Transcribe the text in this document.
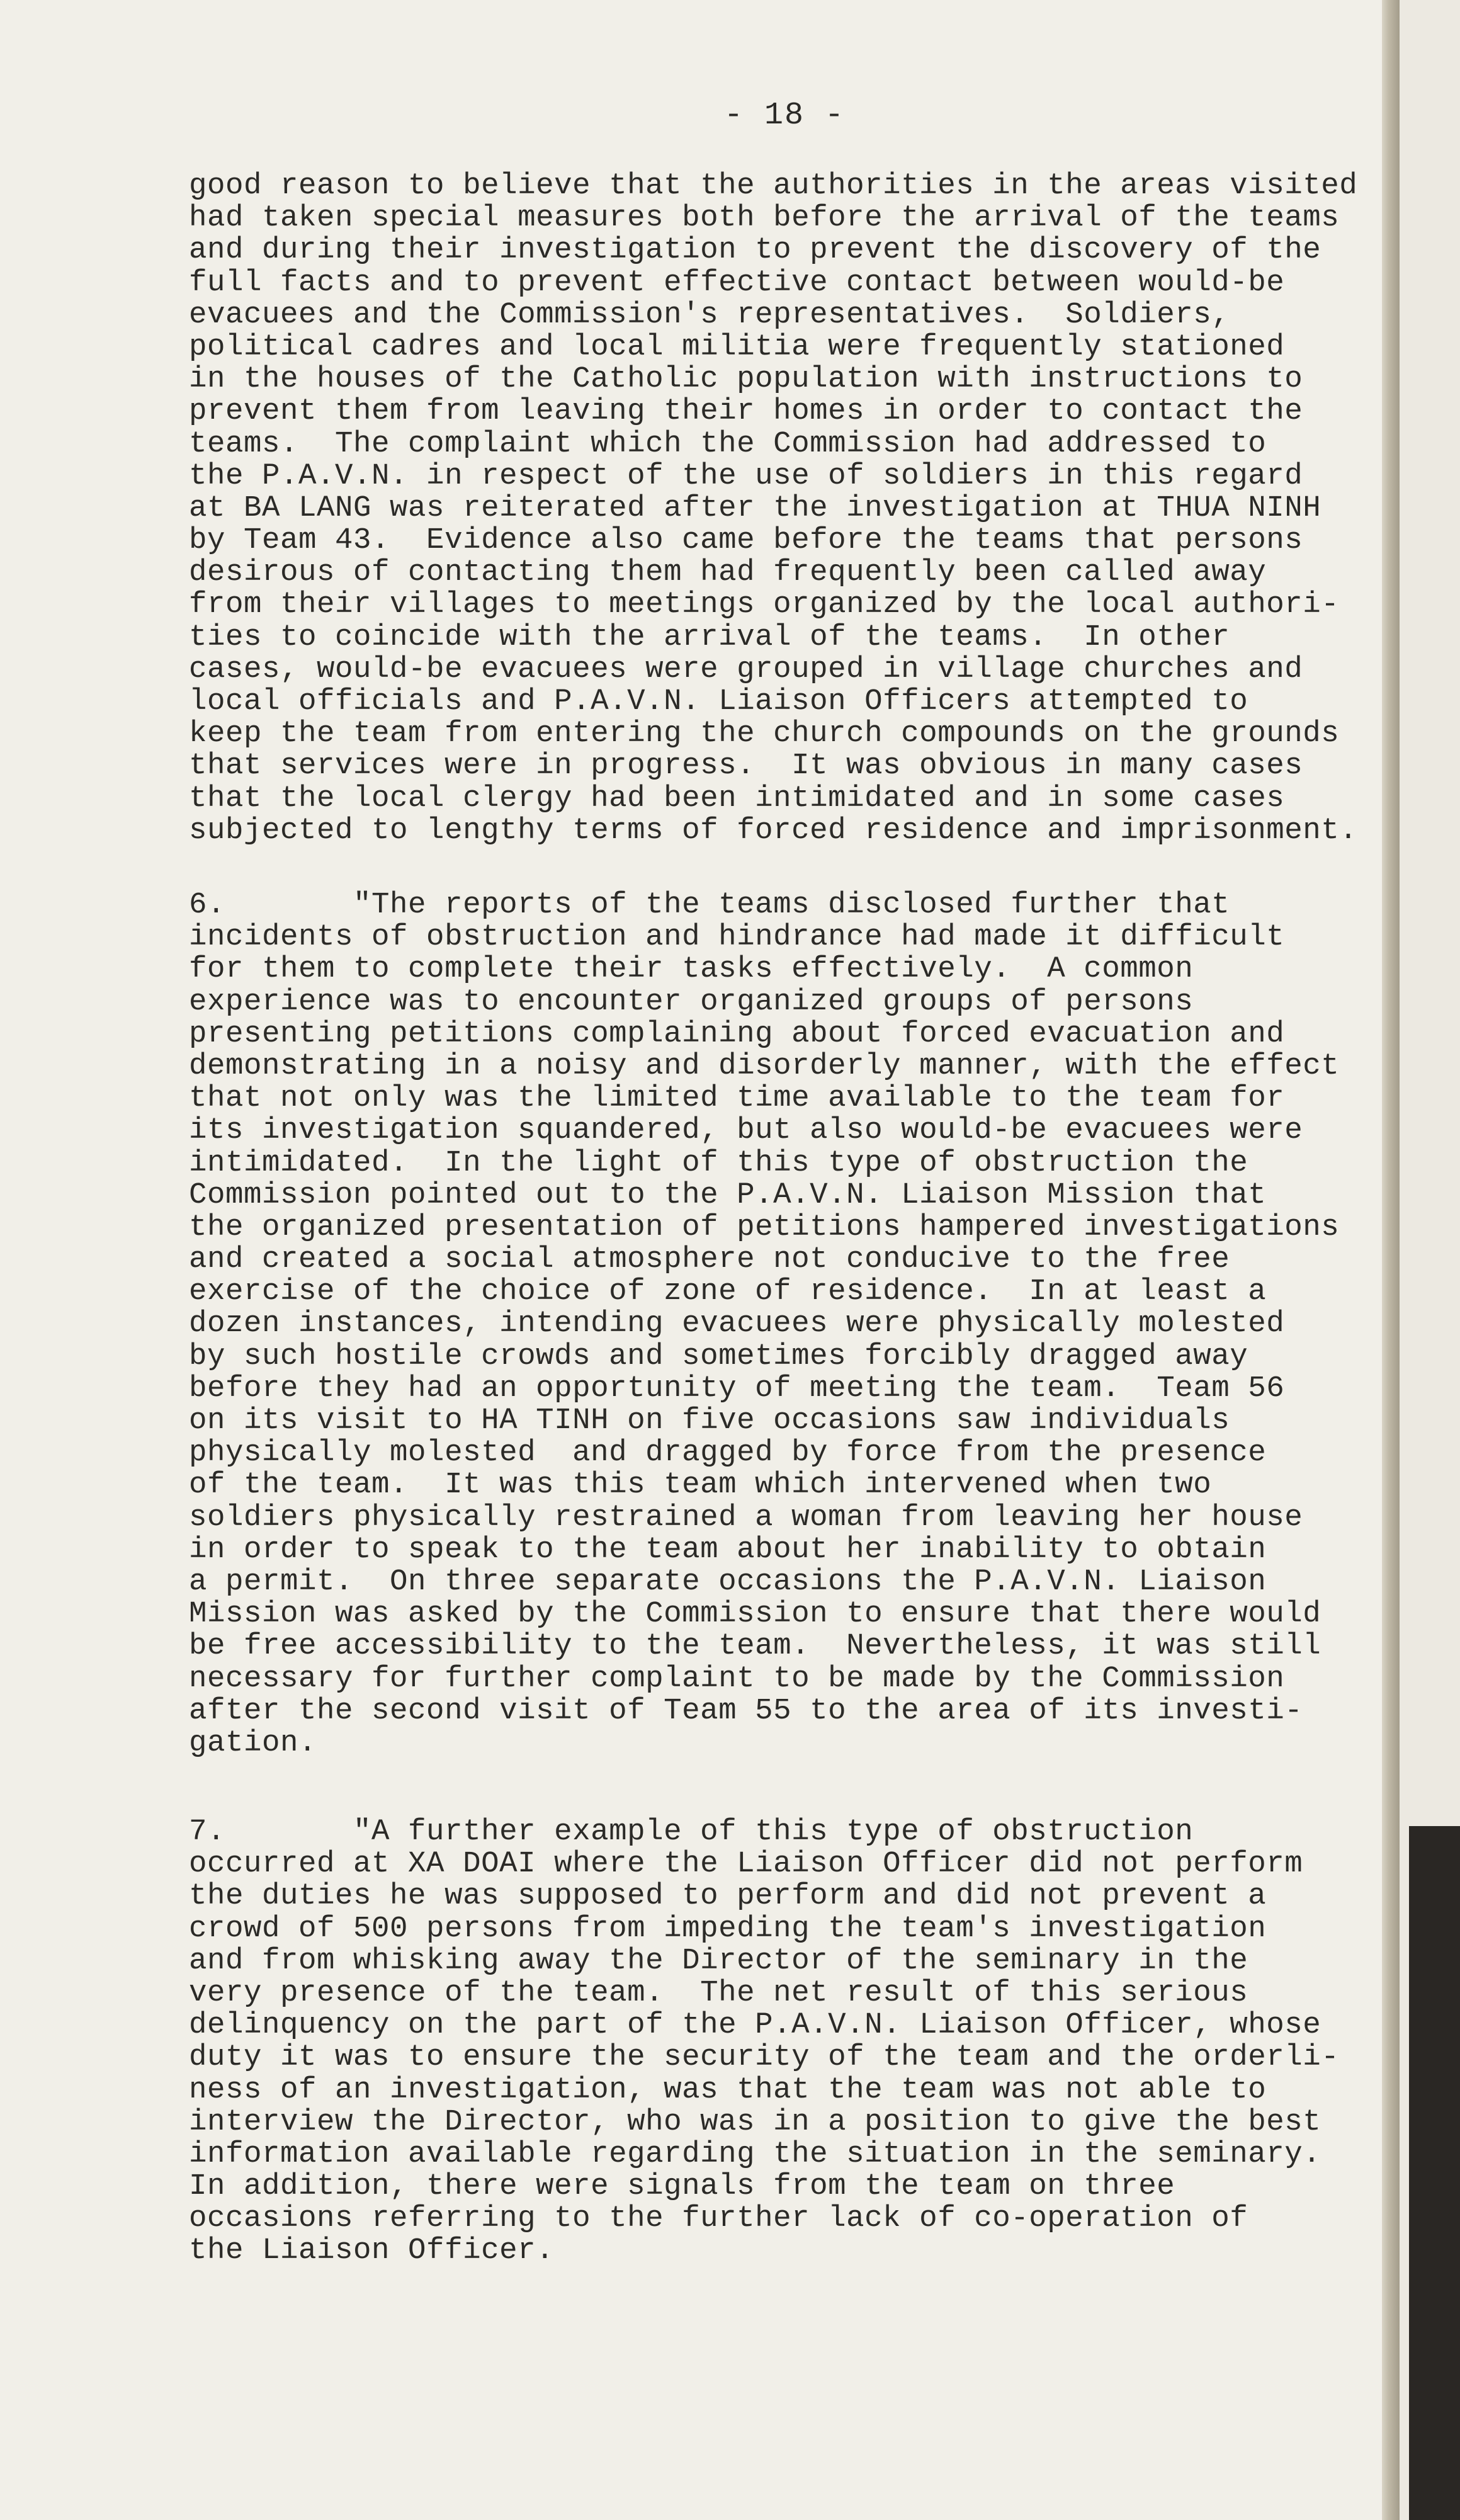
- 18 -
good reason to believe that the authorities in the areas visited
had taken special measures both before the arrival of the teams
and during their investigation to prevent the discovery of the
full facts and to prevent effective contact between would-be
evacuees and the Commission's representatives.  Soldiers,
political cadres and local militia were frequently stationed
in the houses of the Catholic population with instructions to
prevent them from leaving their homes in order to contact the
teams.  The complaint which the Commission had addressed to
the P.A.V.N. in respect of the use of soldiers in this regard
at BA LANG was reiterated after the investigation at THUA NINH
by Team 43.  Evidence also came before the teams that persons
desirous of contacting them had frequently been called away
from their villages to meetings organized by the local authori-
ties to coincide with the arrival of the teams.  In other
cases, would-be evacuees were grouped in village churches and
local officials and P.A.V.N. Liaison Officers attempted to
keep the team from entering the church compounds on the grounds
that services were in progress.  It was obvious in many cases
that the local clergy had been intimidated and in some cases
subjected to lengthy terms of forced residence and imprisonment.
6.       "The reports of the teams disclosed further that
incidents of obstruction and hindrance had made it difficult
for them to complete their tasks effectively.  A common
experience was to encounter organized groups of persons
presenting petitions complaining about forced evacuation and
demonstrating in a noisy and disorderly manner, with the effect
that not only was the limited time available to the team for
its investigation squandered, but also would-be evacuees were
intimidated.  In the light of this type of obstruction the
Commission pointed out to the P.A.V.N. Liaison Mission that
the organized presentation of petitions hampered investigations
and created a social atmosphere not conducive to the free
exercise of the choice of zone of residence.  In at least a
dozen instances, intending evacuees were physically molested
by such hostile crowds and sometimes forcibly dragged away
before they had an opportunity of meeting the team.  Team 56
on its visit to HA TINH on five occasions saw individuals
physically molested  and dragged by force from the presence
of the team.  It was this team which intervened when two
soldiers physically restrained a woman from leaving her house
in order to speak to the team about her inability to obtain
a permit.  On three separate occasions the P.A.V.N. Liaison
Mission was asked by the Commission to ensure that there would
be free accessibility to the team.  Nevertheless, it was still
necessary for further complaint to be made by the Commission
after the second visit of Team 55 to the area of its investi-
gation.
7.       "A further example of this type of obstruction
occurred at XA DOAI where the Liaison Officer did not perform
the duties he was supposed to perform and did not prevent a
crowd of 500 persons from impeding the team's investigation
and from whisking away the Director of the seminary in the
very presence of the team.  The net result of this serious
delinquency on the part of the P.A.V.N. Liaison Officer, whose
duty it was to ensure the security of the team and the orderli-
ness of an investigation, was that the team was not able to
interview the Director, who was in a position to give the best
information available regarding the situation in the seminary.
In addition, there were signals from the team on three
occasions referring to the further lack of co-operation of
the Liaison Officer.
